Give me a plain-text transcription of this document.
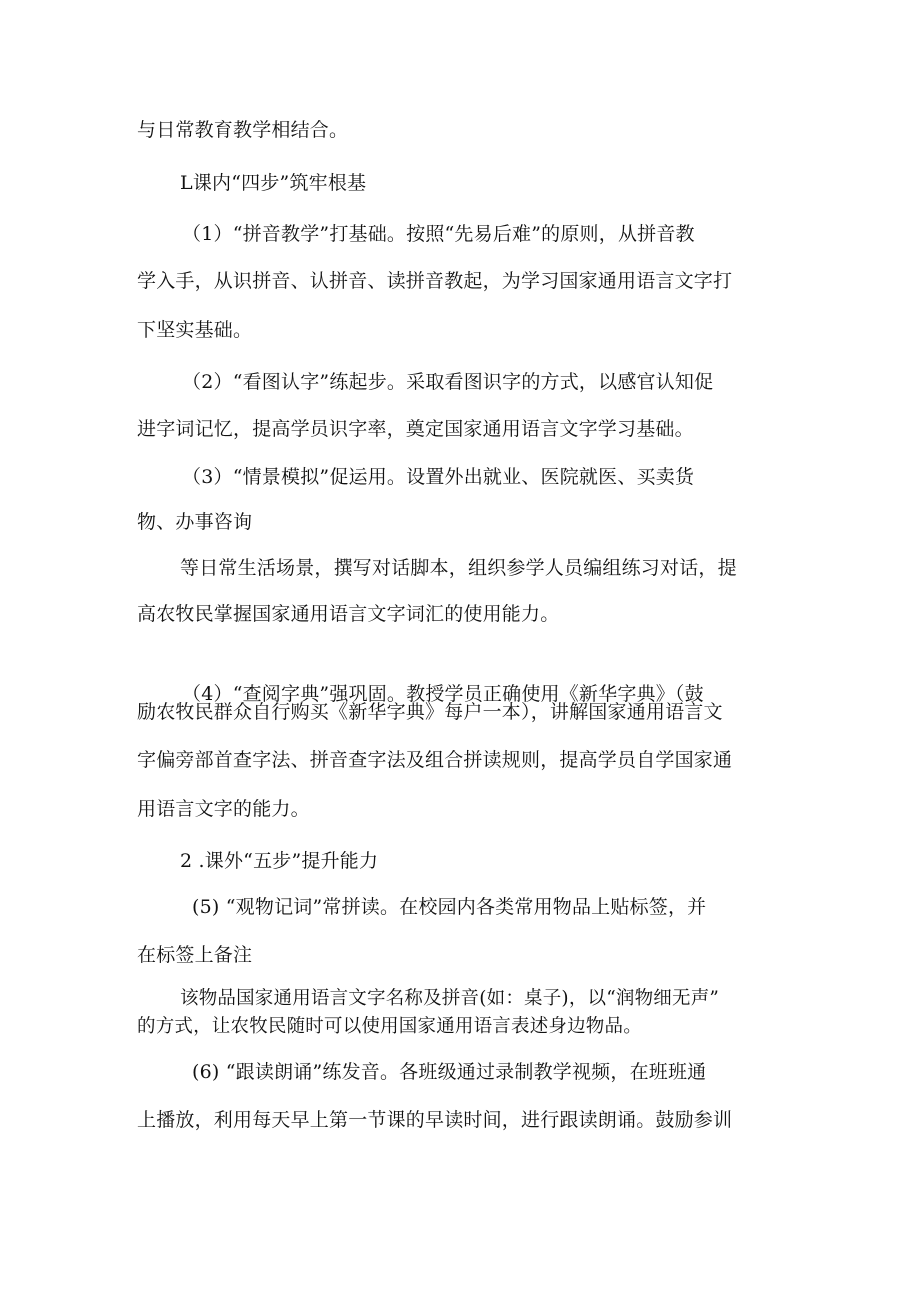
与日常教育教学相结合。

L课内“四步”筑牢根基

（1）“拼音教学”打基础。按照“先易后难”的原则，从拼音教

学入手，从识拼音、认拼音、读拼音教起，为学习国家通用语言文字打

下坚实基础。

（2）“看图认字”练起步。采取看图识字的方式，以感官认知促

进字词记忆，提高学员识字率，奠定国家通用语言文字学习基础。

（3）“情景模拟”促运用。设置外出就业、医院就医、买卖货

物、办事咨询

等日常生活场景，撰写对话脚本，组织参学人员编组练习对话，提

高农牧民掌握国家通用语言文字词汇的使用能力。

（4）“查阅字典”强巩固。教授学员正确使用《新华字典》（鼓

励农牧民群众自行购买《新华字典》每户一本），讲解国家通用语言文

字偏旁部首查字法、拼音查字法及组合拼读规则，提高学员自学国家通

用语言文字的能力。

2 .课外“五步”提升能力

(5) “观物记词”常拼读。在校园内各类常用物品上贴标签，并

在标签上备注

该物品国家通用语言文字名称及拼音(如：桌子)，以“润物细无声”

的方式，让农牧民随时可以使用国家通用语言表述身边物品。

(6) “跟读朗诵”练发音。各班级通过录制教学视频，在班班通

上播放，利用每天早上第一节课的早读时间，进行跟读朗诵。鼓励参训
